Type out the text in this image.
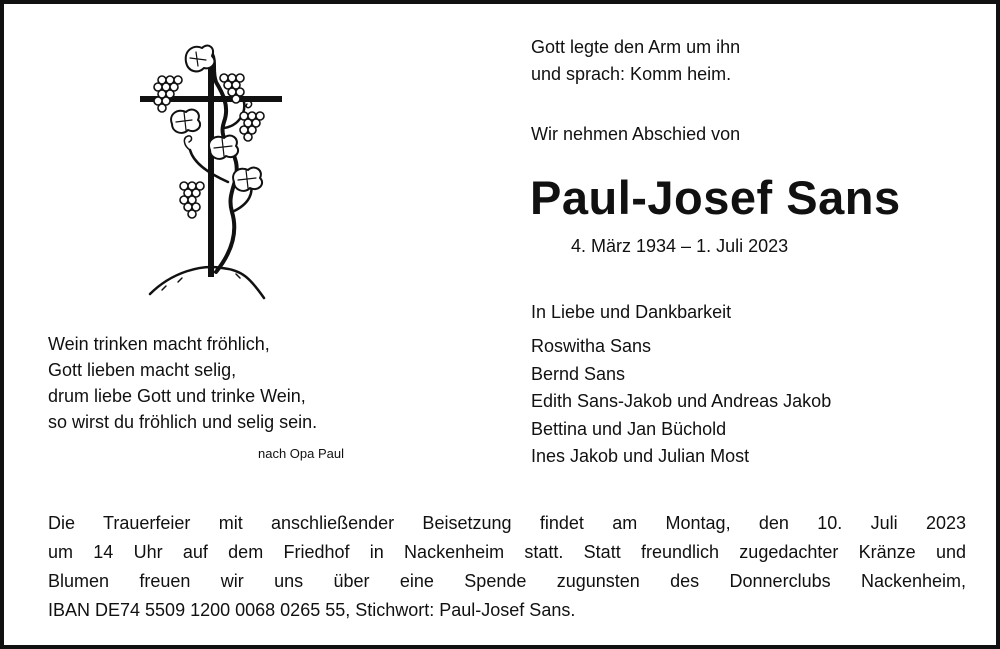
Wein trinken macht fröhlich,
Gott lieben macht selig,
drum liebe Gott und trinke Wein,
so wirst du fröhlich und selig sein.
nach Opa Paul
Gott legte den Arm um ihn
und sprach: Komm heim.
Wir nehmen Abschied von
Paul-Josef Sans
4. März 1934 – 1. Juli 2023
In Liebe und Dankbarkeit
Roswitha Sans
Bernd Sans
Edith Sans-Jakob und Andreas Jakob
Bettina und Jan Büchold
Ines Jakob und Julian Most
Die Trauerfeier mit anschließender Beisetzung findet am Montag, den 10. Juli 2023
um 14 Uhr auf dem Friedhof in Nackenheim statt. Statt freundlich zugedachter Kränze und
Blumen freuen wir uns über eine Spende zugunsten des Donnerclubs Nackenheim,
IBAN DE74 5509 1200 0068 0265 55, Stichwort: Paul-Josef Sans.
